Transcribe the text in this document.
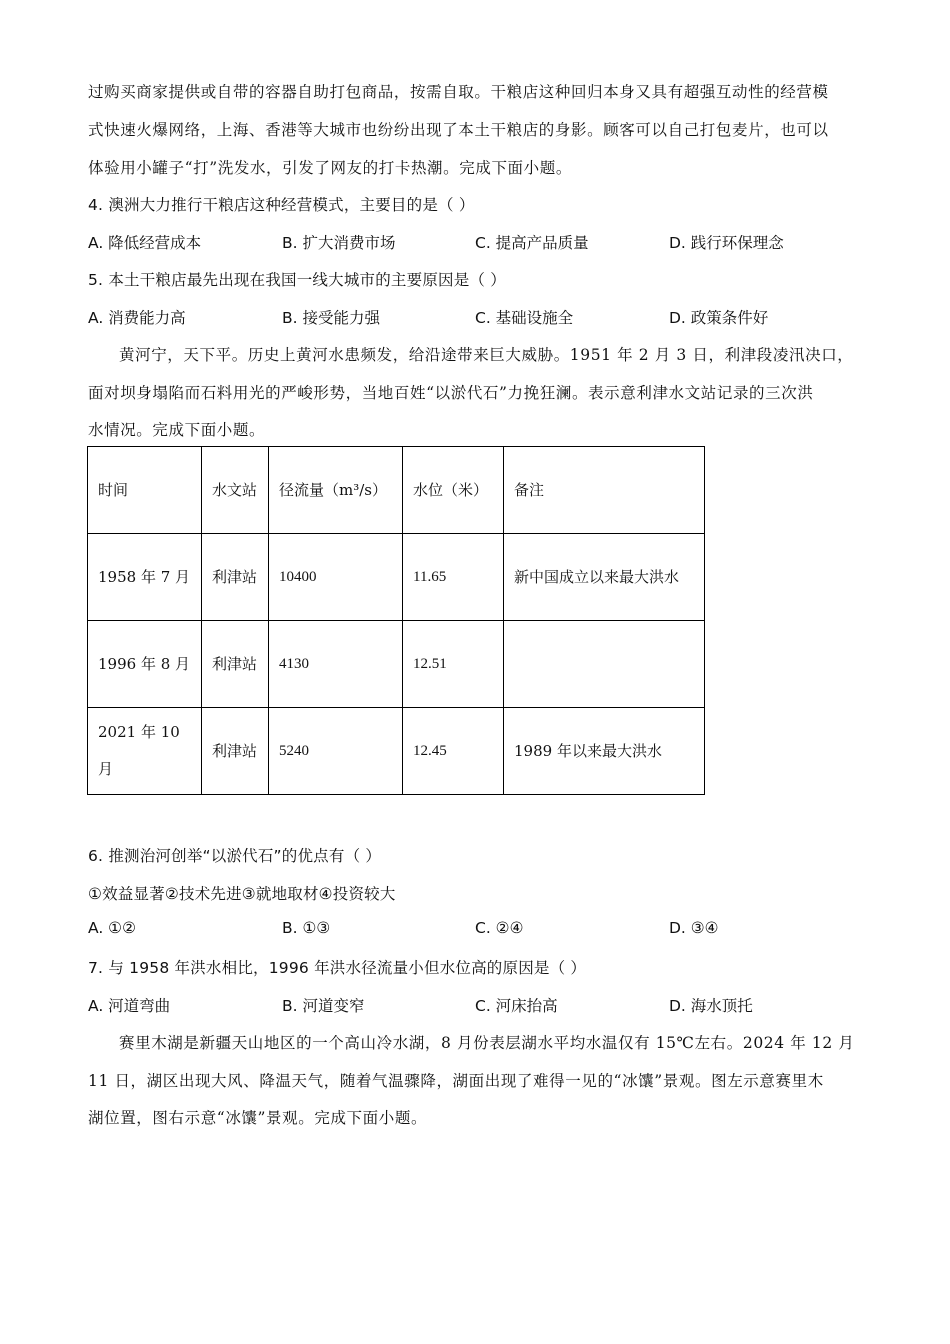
过购买商家提供或自带的容器自助打包商品，按需自取。干粮店这种回归本身又具有超强互动性的经营模
式快速火爆网络，上海、香港等大城市也纷纷出现了本土干粮店的身影。顾客可以自己打包麦片，也可以
体验用小罐子“打”洗发水，引发了网友的打卡热潮。完成下面小题。
4. 澳洲大力推行干粮店这种经营模式，主要目的是（ ）
A. 降低经营成本	B. 扩大消费市场	C. 提高产品质量	D. 践行环保理念
5. 本土干粮店最先出现在我国一线大城市的主要原因是（ ）
A. 消费能力高	B. 接受能力强	C. 基础设施全	D. 政策条件好
黄河宁，天下平。历史上黄河水患频发，给沿途带来巨大威胁。1951 年 2 月 3 日，利津段凌汛决口，
面对坝身塌陷而石料用光的严峻形势，当地百姓“以淤代石”力挽狂澜。表示意利津水文站记录的三次洪
水情况。完成下面小题。
时间	水文站	径流量（m³/s）	水位（米）	备注
1958 年 7 月	利津站	10400	11.65	新中国成立以来最大洪水
1996 年 8 月	利津站	4130	12.51	
2021 年 10 月	利津站	5240	12.45	1989 年以来最大洪水
6. 推测治河创举“以淤代石”的优点有（ ）
①效益显著②技术先进③就地取材④投资较大
A. ①②	B. ①③	C. ②④	D. ③④
7. 与 1958 年洪水相比，1996 年洪水径流量小但水位高的原因是（ ）
A. 河道弯曲	B. 河道变窄	C. 河床抬高	D. 海水顶托
赛里木湖是新疆天山地区的一个高山冷水湖，8 月份表层湖水平均水温仅有 15℃左右。2024 年 12 月
11 日，湖区出现大风、降温天气，随着气温骤降，湖面出现了难得一见的“冰馕”景观。图左示意赛里木
湖位置，图右示意“冰馕”景观。完成下面小题。
